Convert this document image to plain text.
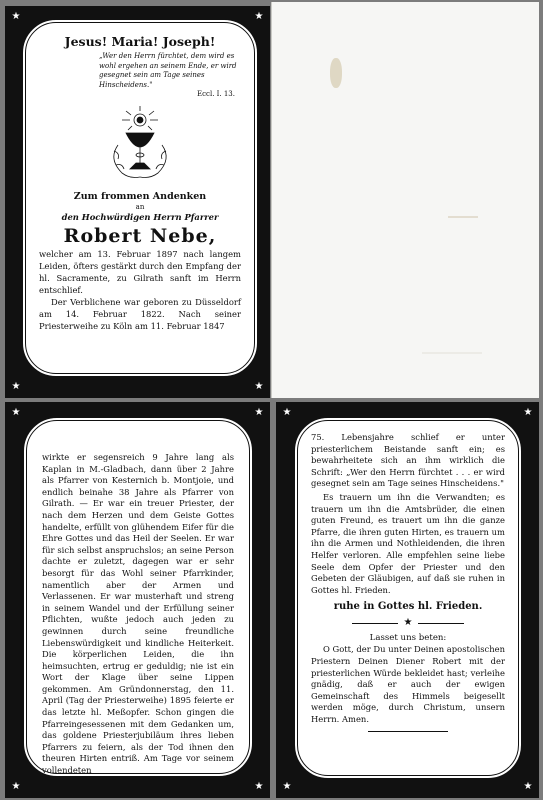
★	★
★	★

Jesus! Maria! Joseph!

„Wer den Herrn fürchtet, dem wird es wohl ergehen an seinem Ende, er wird gesegnet sein am Tage seines Hinscheidens."

Eccl. I. 13.

Zum frommen Andenken

an

den Hochwürdigen Herrn Pfarrer

Robert Nebe,

welcher am 13. Februar 1897 nach langem Leiden, öfters gestärkt durch den Empfang der hl. Sacramente, zu Gilrath sanft im Herrn entschlief.

Der Verblichene war geboren zu Düsseldorf am 14. Februar 1822. Nach seiner Priesterweihe zu Köln am 11. Februar 1847

★	★
★	★

wirkte er segensreich 9 Jahre lang als Kaplan in M.-Gladbach, dann über 2 Jahre als Pfarrer von Kesternich b. Montjoie, und endlich beinahe 38 Jahre als Pfarrer von Gilrath. — Er war ein treuer Priester, der nach dem Herzen und dem Geiste Gottes handelte, erfüllt von glühendem Eifer für die Ehre Gottes und das Heil der Seelen. Er war für sich selbst anspruchslos; an seine Person dachte er zuletzt, dagegen war er sehr besorgt für das Wohl seiner Pfarrkinder, namentlich aber der Armen und Verlassenen. Er war musterhaft und streng in seinem Wandel und der Erfüllung seiner Pflichten, wußte jedoch auch jeden zu gewinnen durch seine freundliche Liebenswürdigkeit und kindliche Heiterkeit. Die körperlichen Leiden, die ihn heimsuchten, ertrug er geduldig; nie ist ein Wort der Klage über seine Lippen gekommen. Am Gründonnerstag, den 11. April (Tag der Priesterweihe) 1895 feierte er das letzte hl. Meßopfer. Schon gingen die Pfarreingesessenen mit dem Gedanken um, das goldene Priesterjubiläum ihres lieben Pfarrers zu feiern, als der Tod ihnen den theuren Hirten entriß. Am Tage vor seinem vollendeten

★	★
★	★

75. Lebensjahre schlief er unter priesterlichem Beistande sanft ein; es bewahrheitete sich an ihm wirklich die Schrift: „Wer den Herrn fürchtet . . . er wird gesegnet sein am Tage seines Hinscheidens."

Es trauern um ihn die Verwandten; es trauern um ihn die Amtsbrüder, die einen guten Freund, es trauert um ihn die ganze Pfarre, die ihren guten Hirten, es trauern um ihn die Armen und Nothleidenden, die ihren Helfer verloren. Alle empfehlen seine liebe Seele dem Opfer der Priester und den Gebeten der Gläubigen, auf daß sie ruhen in Gottes hl. Frieden.

ruhe in Gottes hl. Frieden.

★

Lasset uns beten:

O Gott, der Du unter Deinen apostolischen Priestern Deinen Diener Robert mit der priesterlichen Würde bekleidet hast; verleihe gnädig, daß er auch der ewigen Gemeinschaft des Himmels beigesellt werden möge, durch Christum, unsern Herrn. Amen.
